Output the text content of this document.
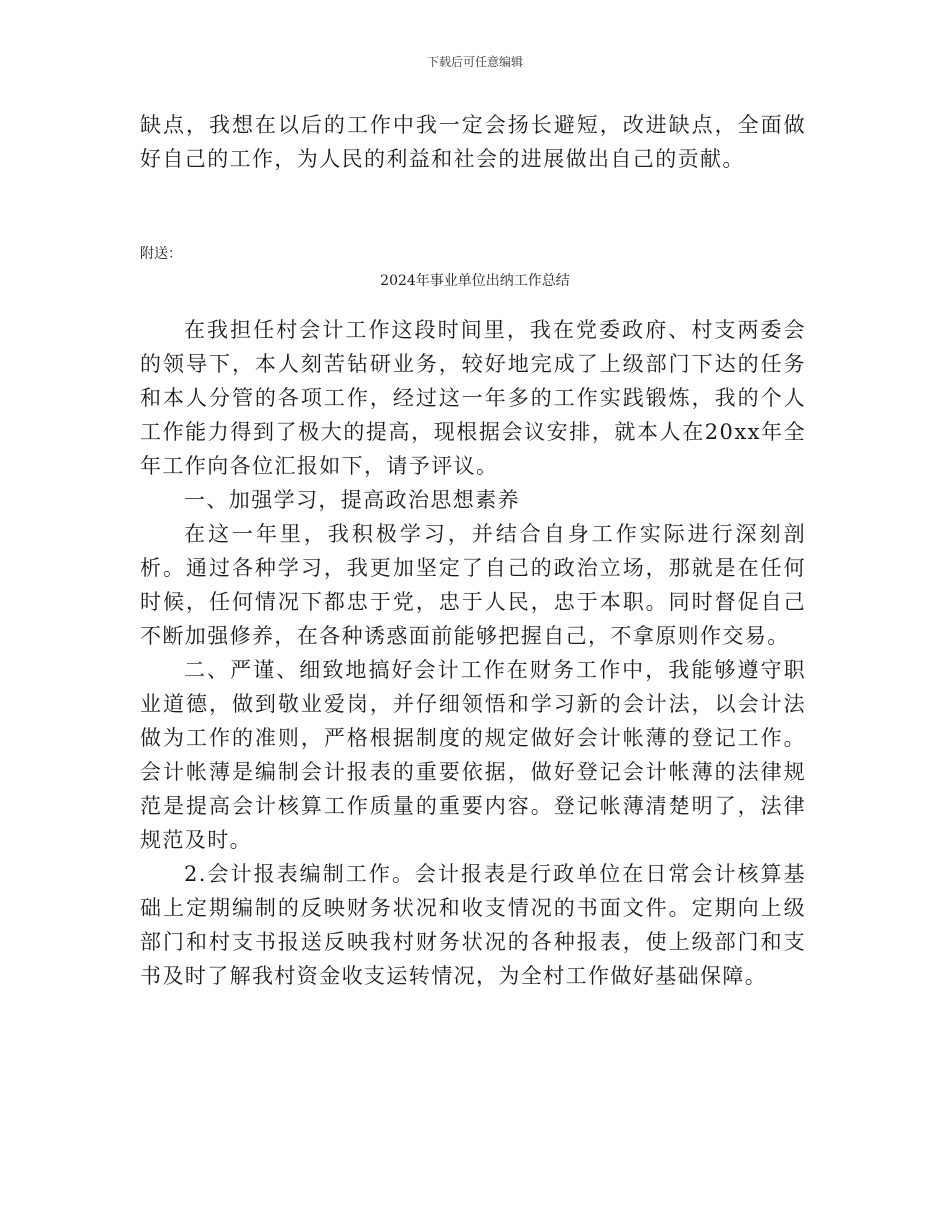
下载后可任意编辑

缺点，我想在以后的工作中我一定会扬长避短，改进缺点，全面做好自己的工作，为人民的利益和社会的进展做出自己的贡献。

附送：
2024年事业单位出纳工作总结

在我担任村会计工作这段时间里，我在党委政府、村支两委会的领导下，本人刻苦钻研业务，较好地完成了上级部门下达的任务和本人分管的各项工作，经过这一年多的工作实践锻炼，我的个人工作能力得到了极大的提高，现根据会议安排，就本人在20xx年全年工作向各位汇报如下，请予评议。

一、加强学习，提高政治思想素养

在这一年里，我积极学习，并结合自身工作实际进行深刻剖析。通过各种学习，我更加坚定了自己的政治立场，那就是在任何时候，任何情况下都忠于党，忠于人民，忠于本职。同时督促自己不断加强修养，在各种诱惑面前能够把握自己，不拿原则作交易。

二、严谨、细致地搞好会计工作在财务工作中，我能够遵守职业道德，做到敬业爱岗，并仔细领悟和学习新的会计法，以会计法做为工作的准则，严格根据制度的规定做好会计帐薄的登记工作。会计帐薄是编制会计报表的重要依据，做好登记会计帐薄的法律规范是提高会计核算工作质量的重要内容。登记帐薄清楚明了，法律规范及时。

2.会计报表编制工作。会计报表是行政单位在日常会计核算基础上定期编制的反映财务状况和收支情况的书面文件。定期向上级部门和村支书报送反映我村财务状况的各种报表，使上级部门和支书及时了解我村资金收支运转情况，为全村工作做好基础保障。
